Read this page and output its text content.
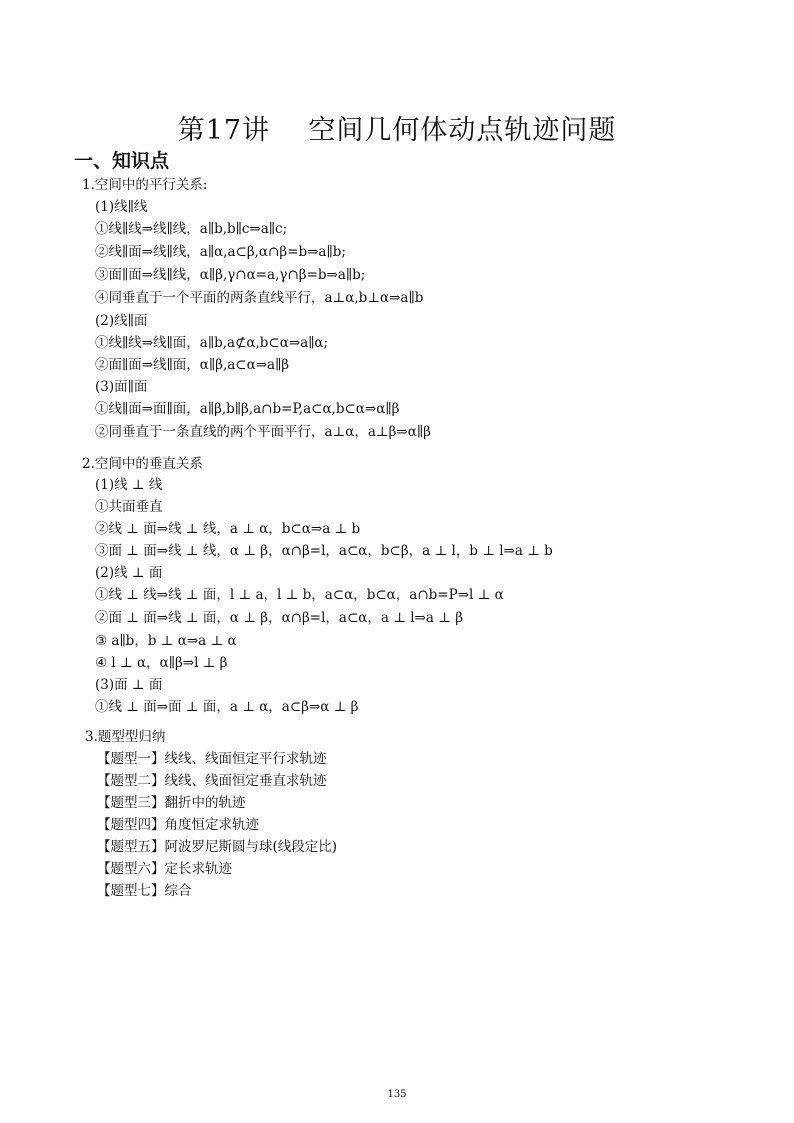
第17讲    空间几何体动点轨迹问题
一、知识点
1.空间中的平行关系:
(1)线∥线
①线∥线⇒线∥线，a∥b,b∥c⇒a∥c;
②线∥面⇒线∥线，a∥α,a⊂β,α∩β=b⇒a∥b;
③面∥面⇒线∥线，α∥β,γ∩α=a,γ∩β=b⇒a∥b;
④同垂直于一个平面的两条直线平行，a⊥α,b⊥α⇒a∥b
(2)线∥面
①线∥线⇒线∥面，a∥b,a⊄α,b⊂α⇒a∥α;
②面∥面⇒线∥面，α∥β,a⊂α⇒a∥β
(3)面∥面
①线∥面⇒面∥面，a∥β,b∥β,a∩b=P,a⊂α,b⊂α⇒α∥β
②同垂直于一条直线的两个平面平行，a⊥α，a⊥β⇒α∥β
2.空间中的垂直关系
(1)线 ⊥ 线
①共面垂直
②线 ⊥ 面⇒线 ⊥ 线，a ⊥ α，b⊂α⇒a ⊥ b
③面 ⊥ 面⇒线 ⊥ 线，α ⊥ β，α∩β=l，a⊂α，b⊂β，a ⊥ l，b ⊥ l⇒a ⊥ b
(2)线 ⊥ 面
①线 ⊥ 线⇒线 ⊥ 面，l ⊥ a，l ⊥ b，a⊂α，b⊂α，a∩b=P⇒l ⊥ α
②面 ⊥ 面⇒线 ⊥ 面，α ⊥ β，α∩β=l，a⊂α，a ⊥ l⇒a ⊥ β
③ a∥b，b ⊥ α⇒a ⊥ α
④ l ⊥ α，α∥β⇒l ⊥ β
(3)面 ⊥ 面
①线 ⊥ 面⇒面 ⊥ 面，a ⊥ α，a⊂β⇒α ⊥ β
3.题型型归纳
【题型一】线线、线面恒定平行求轨迹
【题型二】线线、线面恒定垂直求轨迹
【题型三】翻折中的轨迹
【题型四】角度恒定求轨迹
【题型五】阿波罗尼斯圆与球(线段定比)
【题型六】定长求轨迹
【题型七】综合
135
